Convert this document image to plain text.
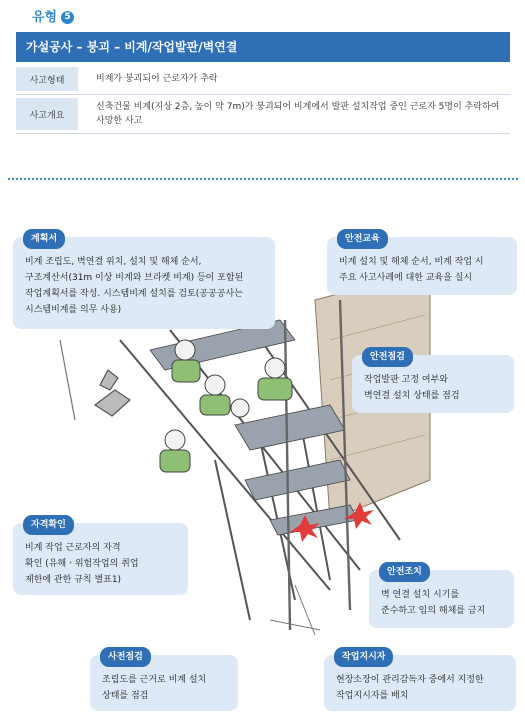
유형 5
가설공사 – 붕괴 – 비계/작업발판/벽연결
사고형태	비계가 붕괴되어 근로자가 추락
사고개요
신축건물 비계(지상 2층, 높이 약 7m)가 붕괴되어 비계에서 발판 설치작업 중인 근로자 5명이 추락하여 사망한 사고
계획서
비계 조립도, 벽연결 위치, 설치 및 해체 순서,
구조계산서(31m 이상 비계와 브라켓 비계) 등이 포함된
작업계획서를 작성. 시스템비계 설치를 검토(공공공사는
시스템비계를 의무 사용)
안전교육
비계 설치 및 해체 순서, 비계 작업 시
주요 사고사례에 대한 교육을 실시
안전점검
작업발판 고정 여부와
벽연결 설치 상태를 점검
자격확인
비계 작업 근로자의 자격
확인 (유해ㆍ위험작업의 취업
제한에 관한 규칙 별표1)
안전조치
벽 연결 설치 시기를
준수하고 임의 해체를 금지
사전점검
조립도를 근거로 비계 설치
상태를 점검
작업지시자
현장소장이 관리감독자 중에서 지정한
작업지시자를 배치
